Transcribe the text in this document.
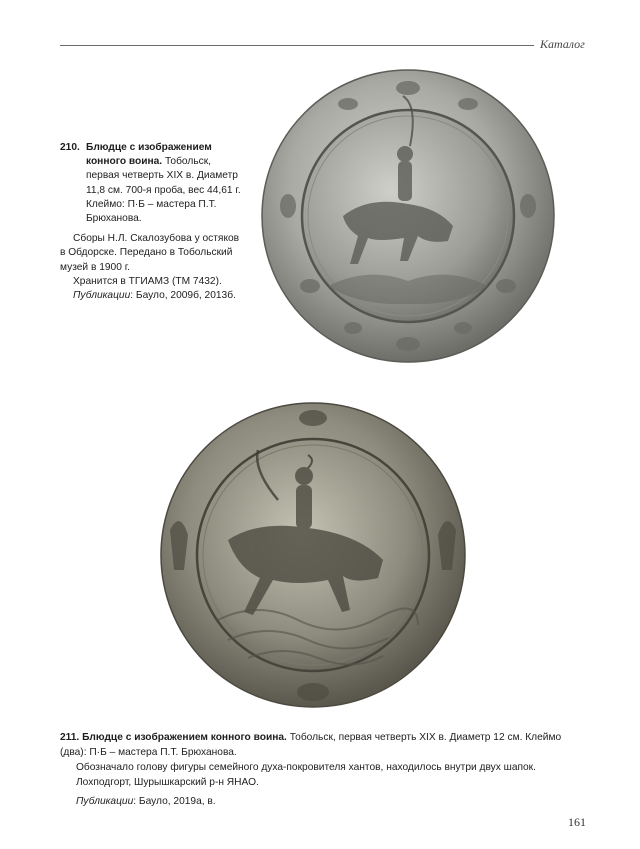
Каталог
210. Блюдце с изображением конного воина. Тобольск, первая четверть XIX в. Диаметр 11,8 см. 700-я проба, вес 44,61 г. Клеймо: П·Б – мастера П.Т. Брюханова.
Сборы Н.Л. Скалозубова у остяков в Обдорске. Передано в Тобольский музей в 1900 г.
Хранится в ТГИАМЗ (ТМ 7432).
Публикации: Бауло, 2009б, 2013б.
211. Блюдце с изображением конного воина. Тобольск, первая четверть XIX в. Диаметр 12 см. Клеймо (два): П·Б – мастера П.Т. Брюханова.
Обозначало голову фигуры семейного духа-покровителя хантов, находилось внутри двух шапок.
Лохподгорт, Шурышкарский р-н ЯНАО.
Публикации: Бауло, 2019а, в.
161
